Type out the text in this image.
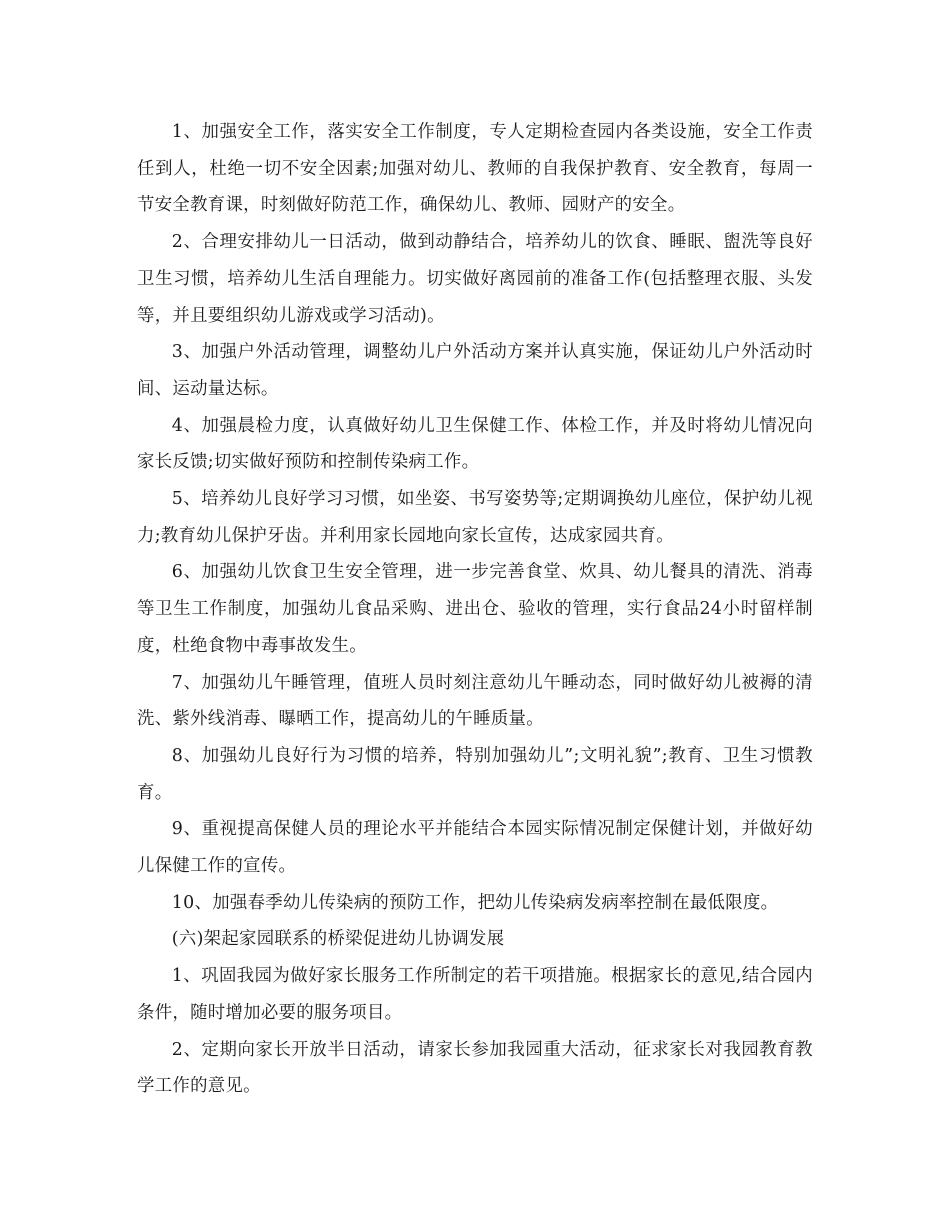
1、加强安全工作，落实安全工作制度，专人定期检查园内各类设施，安全工作责任到人，杜绝一切不安全因素;加强对幼儿、教师的自我保护教育、安全教育，每周一节安全教育课，时刻做好防范工作，确保幼儿、教师、园财产的安全。

2、合理安排幼儿一日活动，做到动静结合，培养幼儿的饮食、睡眠、盥洗等良好卫生习惯，培养幼儿生活自理能力。切实做好离园前的准备工作(包括整理衣服、头发等，并且要组织幼儿游戏或学习活动)。

3、加强户外活动管理，调整幼儿户外活动方案并认真实施，保证幼儿户外活动时间、运动量达标。

4、加强晨检力度，认真做好幼儿卫生保健工作、体检工作，并及时将幼儿情况向家长反馈;切实做好预防和控制传染病工作。

5、培养幼儿良好学习习惯，如坐姿、书写姿势等;定期调换幼儿座位，保护幼儿视力;教育幼儿保护牙齿。并利用家长园地向家长宣传，达成家园共育。

6、加强幼儿饮食卫生安全管理，进一步完善食堂、炊具、幼儿餐具的清洗、消毒等卫生工作制度，加强幼儿食品采购、进出仓、验收的管理，实行食品24小时留样制度，杜绝食物中毒事故发生。

7、加强幼儿午睡管理，值班人员时刻注意幼儿午睡动态，同时做好幼儿被褥的清洗、紫外线消毒、曝晒工作，提高幼儿的午睡质量。

8、加强幼儿良好行为习惯的培养，特别加强幼儿”;文明礼貌”;教育、卫生习惯教育。

9、重视提高保健人员的理论水平并能结合本园实际情况制定保健计划，并做好幼儿保健工作的宣传。

10、加强春季幼儿传染病的预防工作，把幼儿传染病发病率控制在最低限度。

(六)架起家园联系的桥梁促进幼儿协调发展

1、巩固我园为做好家长服务工作所制定的若干项措施。根据家长的意见,结合园内条件，随时增加必要的服务项目。

2、定期向家长开放半日活动，请家长参加我园重大活动，征求家长对我园教育教学工作的意见。
